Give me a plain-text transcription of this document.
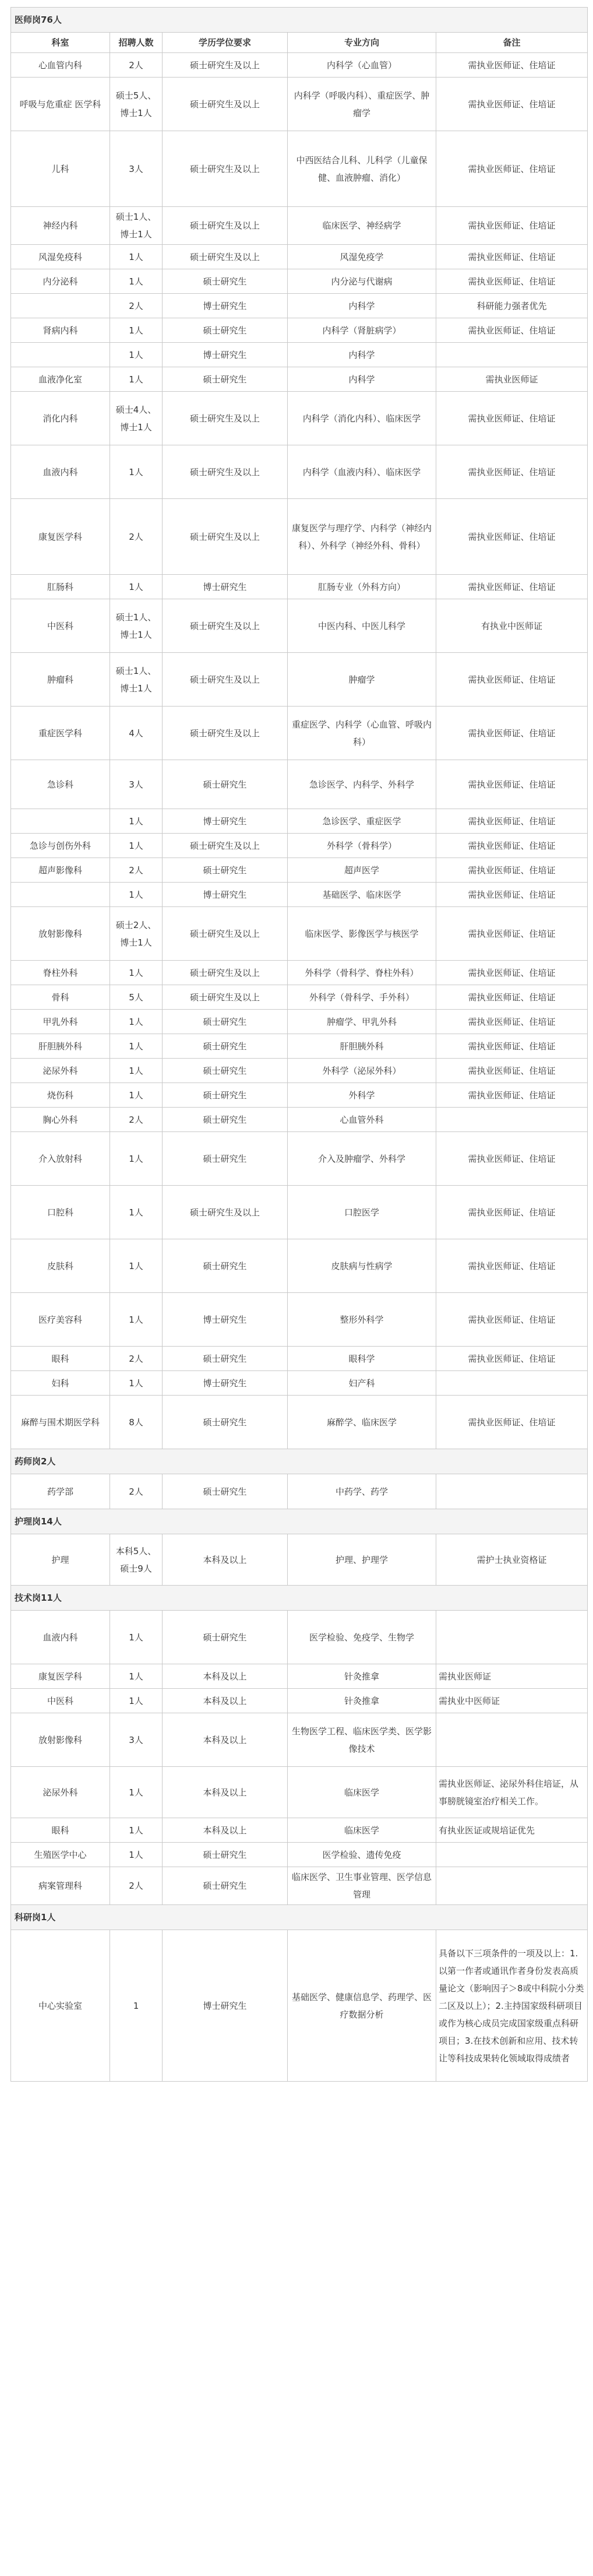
医师岗76人				
科室	招聘人数	学历学位要求	专业方向	备注
心血管内科	2人	硕士研究生及以上	内科学（心血管）	需执业医师证、住培证
呼吸与危重症 医学科	硕士5人、博士1人	硕士研究生及以上	内科学（呼吸内科）、重症医学、肿瘤学	需执业医师证、住培证
儿科	3人	硕士研究生及以上	中西医结合儿科、儿科学（儿童保健、血液肿瘤、消化）	需执业医师证、住培证
神经内科	硕士1人、博士1人	硕士研究生及以上	临床医学、神经病学	需执业医师证、住培证
风湿免疫科	1人	硕士研究生及以上	风湿免疫学	需执业医师证、住培证
内分泌科	1人	硕士研究生	内分泌与代谢病	需执业医师证、住培证
	2人	博士研究生	内科学	科研能力强者优先
肾病内科	1人	硕士研究生	内科学（肾脏病学）	需执业医师证、住培证
	1人	博士研究生	内科学	
血液净化室	1人	硕士研究生	内科学	需执业医师证
消化内科	硕士4人、博士1人	硕士研究生及以上	内科学（消化内科）、临床医学	需执业医师证、住培证
血液内科	1人	硕士研究生及以上	内科学（血液内科）、临床医学	需执业医师证、住培证
康复医学科	2人	硕士研究生及以上	康复医学与理疗学、内科学（神经内科）、外科学（神经外科、骨科）	需执业医师证、住培证
肛肠科	1人	博士研究生	肛肠专业（外科方向）	需执业医师证、住培证
中医科	硕士1人、博士1人	硕士研究生及以上	中医内科、中医儿科学	有执业中医师证
肿瘤科	硕士1人、博士1人	硕士研究生及以上	肿瘤学	需执业医师证、住培证
重症医学科	4人	硕士研究生及以上	重症医学、内科学（心血管、呼吸内科）	需执业医师证、住培证
急诊科	3人	硕士研究生	急诊医学、内科学、外科学	需执业医师证、住培证
	1人	博士研究生	急诊医学、重症医学	需执业医师证、住培证
急诊与创伤外科	1人	硕士研究生及以上	外科学（骨科学）	需执业医师证、住培证
超声影像科	2人	硕士研究生	超声医学	需执业医师证、住培证
	1人	博士研究生	基础医学、临床医学	需执业医师证、住培证
放射影像科	硕士2人、博士1人	硕士研究生及以上	临床医学、影像医学与核医学	需执业医师证、住培证
脊柱外科	1人	硕士研究生及以上	外科学（骨科学、脊柱外科）	需执业医师证、住培证
骨科	5人	硕士研究生及以上	外科学（骨科学、手外科）	需执业医师证、住培证
甲乳外科	1人	硕士研究生	肿瘤学、甲乳外科	需执业医师证、住培证
肝胆胰外科	1人	硕士研究生	肝胆胰外科	需执业医师证、住培证
泌尿外科	1人	硕士研究生	外科学（泌尿外科）	需执业医师证、住培证
烧伤科	1人	硕士研究生	外科学	需执业医师证、住培证
胸心外科	2人	硕士研究生	心血管外科	
介入放射科	1人	硕士研究生	介入及肿瘤学、外科学	需执业医师证、住培证
口腔科	1人	硕士研究生及以上	口腔医学	需执业医师证、住培证
皮肤科	1人	硕士研究生	皮肤病与性病学	需执业医师证、住培证
医疗美容科	1人	博士研究生	整形外科学	需执业医师证、住培证
眼科	2人	硕士研究生	眼科学	需执业医师证、住培证
妇科	1人	博士研究生	妇产科	
麻醉与围术期医学科	8人	硕士研究生	麻醉学、临床医学	需执业医师证、住培证
药师岗2人				
药学部	2人	硕士研究生	中药学、药学	
护理岗14人				
护理	本科5人、硕士9人	本科及以上	护理、护理学	需护士执业资格证
技术岗11人				
血液内科	1人	硕士研究生	医学检验、免疫学、生物学	
康复医学科	1人	本科及以上	针灸推拿	需执业医师证
中医科	1人	本科及以上	针灸推拿	需执业中医师证
放射影像科	3人	本科及以上	生物医学工程、临床医学类、医学影像技术	
泌尿外科	1人	本科及以上	临床医学	需执业医师证、泌尿外科住培证，从事膀胱镜室治疗相关工作。
眼科	1人	本科及以上	临床医学	有执业医证或规培证优先
生殖医学中心	1人	硕士研究生	医学检验、遗传免疫	
病案管理科	2人	硕士研究生	临床医学、卫生事业管理、医学信息管理	
科研岗1人				
中心实验室	1	博士研究生	基础医学、健康信息学、药理学、医疗数据分析	具备以下三项条件的一项及以上：1.以第一作者或通讯作者身份发表高质量论文（影响因子＞8或中科院小分类二区及以上）；2.主持国家级科研项目或作为核心成员完成国家级重点科研项目；3.在技术创新和应用、技术转让等科技成果转化领域取得成绩者
